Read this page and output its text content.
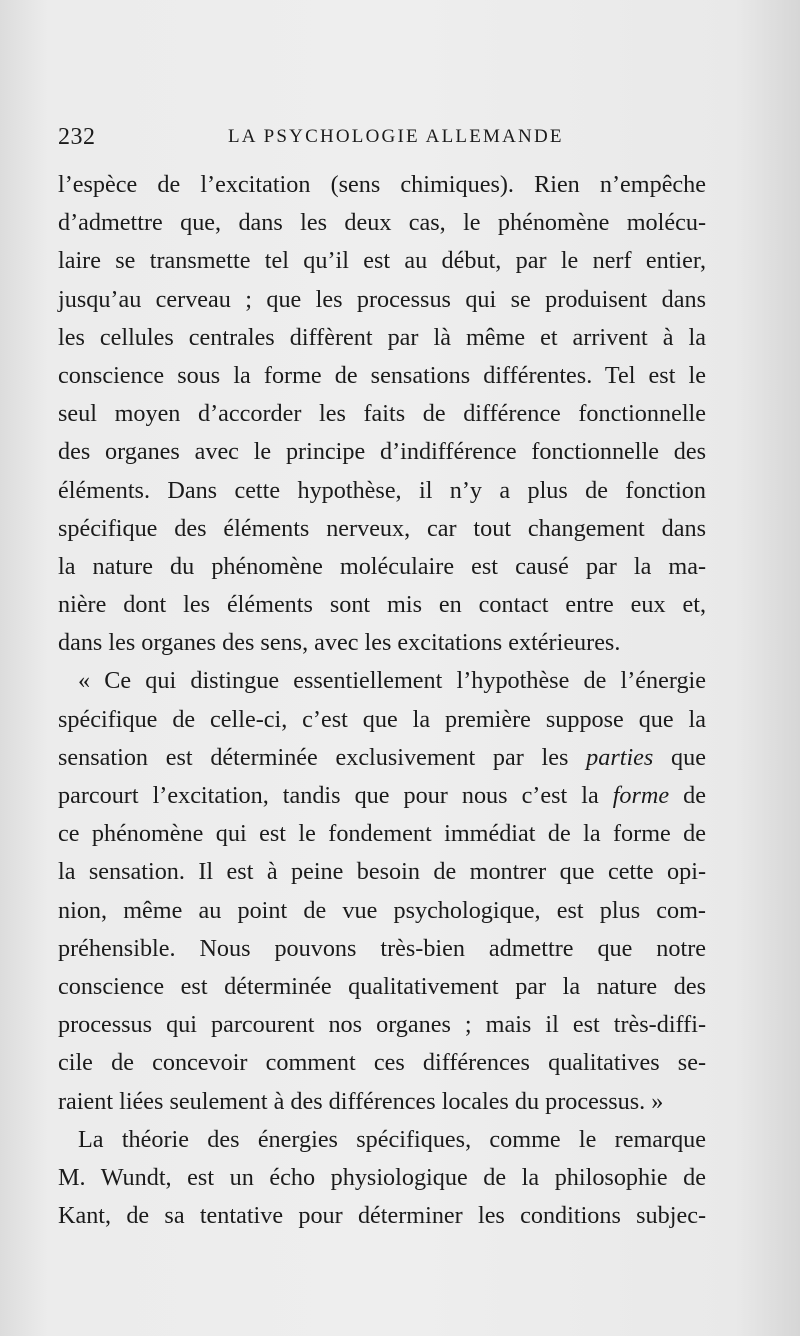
232	LA PSYCHOLOGIE ALLEMANDE
l’espèce de l’excitation (sens chimiques). Rien n’empêche
d’admettre que, dans les deux cas, le phénomène molécu-
laire se transmette tel qu’il est au début, par le nerf entier,
jusqu’au cerveau ; que les processus qui se produisent dans
les cellules centrales diffèrent par là même et arrivent à la
conscience sous la forme de sensations différentes. Tel est le
seul moyen d’accorder les faits de différence fonctionnelle
des organes avec le principe d’indifférence fonctionnelle des
éléments. Dans cette hypothèse, il n’y a plus de fonction
spécifique des éléments nerveux, car tout changement dans
la nature du phénomène moléculaire est causé par la ma-
nière dont les éléments sont mis en contact entre eux et,
dans les organes des sens, avec les excitations extérieures.
« Ce qui distingue essentiellement l’hypothèse de l’énergie
spécifique de celle-ci, c’est que la première suppose que la
sensation est déterminée exclusivement par les parties que
parcourt l’excitation, tandis que pour nous c’est la forme de
ce phénomène qui est le fondement immédiat de la forme de
la sensation. Il est à peine besoin de montrer que cette opi-
nion, même au point de vue psychologique, est plus com-
préhensible. Nous pouvons très-bien admettre que notre
conscience est déterminée qualitativement par la nature des
processus qui parcourent nos organes ; mais il est très-diffi-
cile de concevoir comment ces différences qualitatives se-
raient liées seulement à des différences locales du processus. »
La théorie des énergies spécifiques, comme le remarque
M. Wundt, est un écho physiologique de la philosophie de
Kant, de sa tentative pour déterminer les conditions subjec-
